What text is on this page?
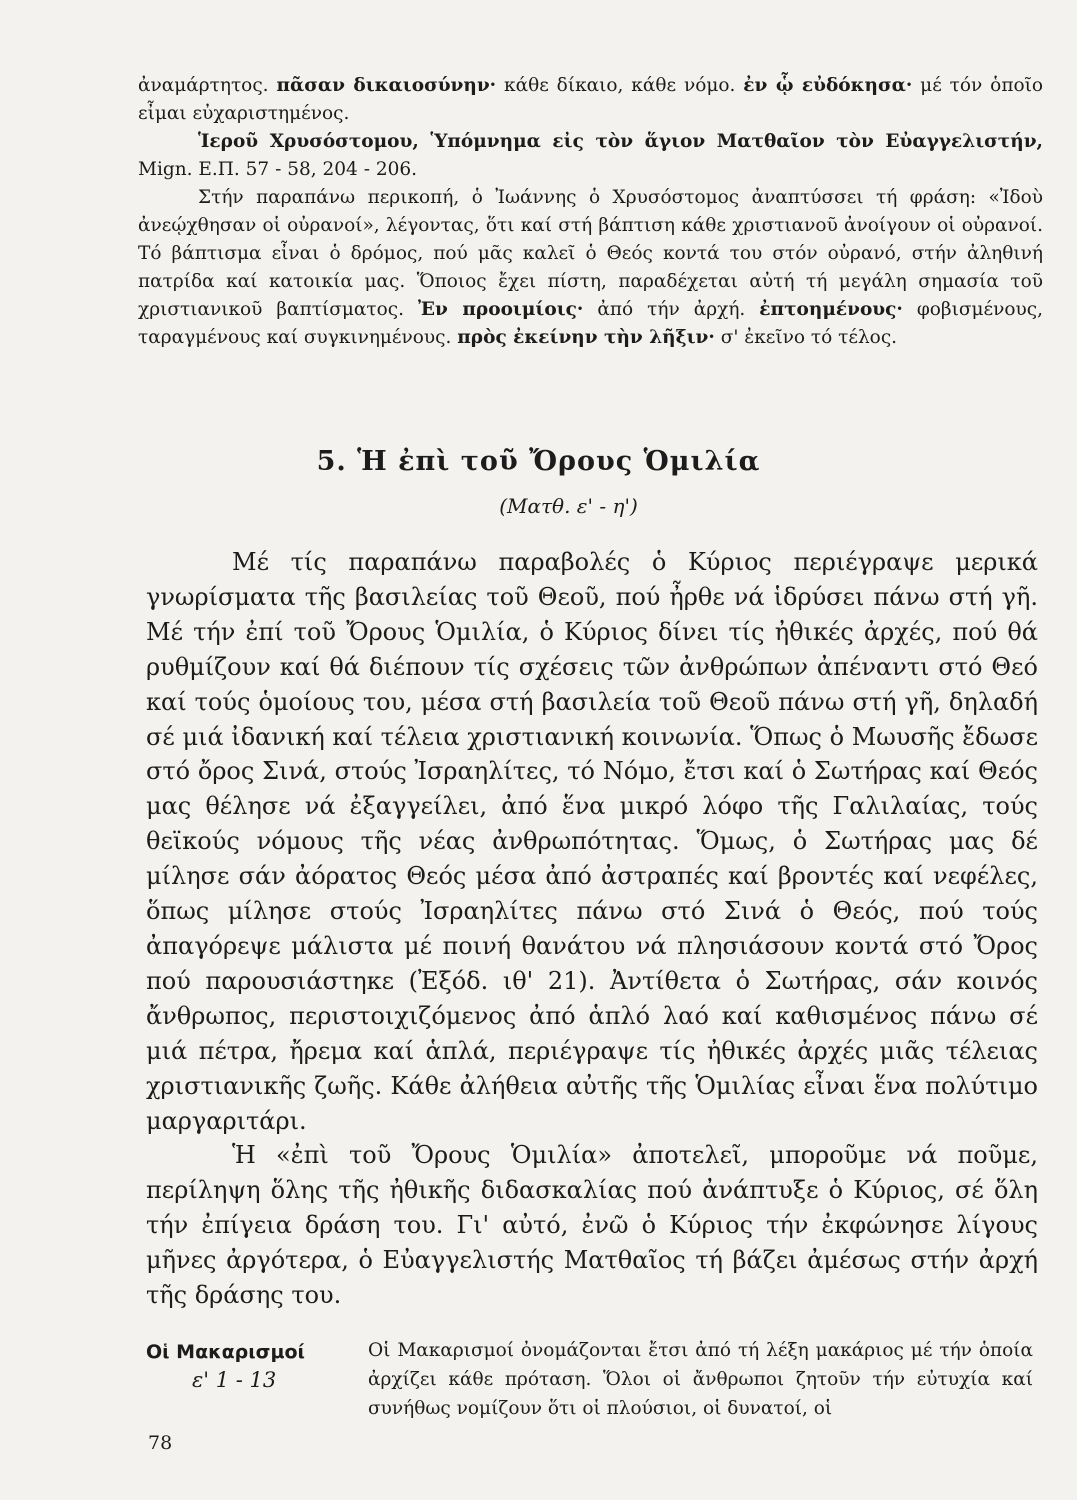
ἀναμάρτητος. πᾶσαν δικαιοσύνην· κάθε δίκαιο, κάθε νόμο. ἐν ᾧ εὐδόκησα· μέ τόν ὁποῖο εἶμαι εὐχαριστημένος.

Ἱεροῦ Χρυσόστομου, Ὑπόμνημα εἰς τὸν ἅγιον Ματθαῖον τὸν Εὐαγγελιστήν, Mign. Ε.Π. 57 - 58, 204 - 206.

Στήν παραπάνω περικοπή, ὁ Ἰωάννης ὁ Χρυσόστομος ἀναπτύσσει τή φράση: «Ἰδοὺ ἀνεῴχθησαν οἱ οὐρανοί», λέγοντας, ὅτι καί στή βάπτιση κάθε χριστιανοῦ ἀνοίγουν οἱ οὐρανοί. Τό βάπτισμα εἶναι ὁ δρόμος, πού μᾶς καλεῖ ὁ Θεός κοντά του στόν οὐρανό, στήν ἀληθινή πατρίδα καί κατοικία μας. Ὅποιος ἔχει πίστη, παραδέχεται αὐτή τή μεγάλη σημασία τοῦ χριστιανικοῦ βαπτίσματος. Ἐν προοιμίοις· ἀπό τήν ἀρχή. ἐπτοημένους· φοβισμένους, ταραγμένους καί συγκινημένους. πρὸς ἐκείνην τὴν λῆξιν· σ' ἐκεῖνο τό τέλος.

5. Ἡ ἐπὶ τοῦ Ὄρους Ὁμιλία
(Ματθ. ε' - η')

Μέ τίς παραπάνω παραβολές ὁ Κύριος περιέγραψε μερικά γνωρίσματα τῆς βασιλείας τοῦ Θεοῦ, πού ἦρθε νά ἱδρύσει πάνω στή γῆ. Μέ τήν ἐπί τοῦ Ὄρους Ὁμιλία, ὁ Κύριος δίνει τίς ἠθικές ἀρχές, πού θά ρυθμίζουν καί θά διέπουν τίς σχέσεις τῶν ἀνθρώπων ἀπέναντι στό Θεό καί τούς ὁμοίους του, μέσα στή βασιλεία τοῦ Θεοῦ πάνω στή γῆ, δηλαδή σέ μιά ἰδανική καί τέλεια χριστιανική κοινωνία. Ὅπως ὁ Μωυσῆς ἔδωσε στό ὄρος Σινά, στούς Ἰσραηλίτες, τό Νόμο, ἔτσι καί ὁ Σωτήρας καί Θεός μας θέλησε νά ἐξαγγείλει, ἀπό ἕνα μικρό λόφο τῆς Γαλιλαίας, τούς θεϊκούς νόμους τῆς νέας ἀνθρωπότητας. Ὅμως, ὁ Σωτήρας μας δέ μίλησε σάν ἀόρατος Θεός μέσα ἀπό ἀστραπές καί βροντές καί νεφέλες, ὅπως μίλησε στούς Ἰσραηλίτες πάνω στό Σινά ὁ Θεός, πού τούς ἀπαγόρεψε μάλιστα μέ ποινή θανάτου νά πλησιάσουν κοντά στό Ὄρος πού παρουσιάστηκε (Ἐξόδ. ιθ' 21). Ἀντίθετα ὁ Σωτήρας, σάν κοινός ἄνθρωπος, περιστοιχιζόμενος ἀπό ἁπλό λαό καί καθισμένος πάνω σέ μιά πέτρα, ἤρεμα καί ἁπλά, περιέγραψε τίς ἠθικές ἀρχές μιᾶς τέλειας χριστιανικῆς ζωῆς. Κάθε ἀλήθεια αὐτῆς τῆς Ὁμιλίας εἶναι ἕνα πολύτιμο μαργαριτάρι.

Ἡ «ἐπὶ τοῦ Ὄρους Ὁμιλία» ἀποτελεῖ, μποροῦμε νά ποῦμε, περίληψη ὅλης τῆς ἠθικῆς διδασκαλίας πού ἀνάπτυξε ὁ Κύριος, σέ ὅλη τήν ἐπίγεια δράση του. Γι' αὐτό, ἐνῶ ὁ Κύριος τήν ἐκφώνησε λίγους μῆνες ἀργότερα, ὁ Εὐαγγελιστής Ματθαῖος τή βάζει ἀμέσως στήν ἀρχή τῆς δράσης του.

Οἱ Μακαρισμοί
ε' 1 - 13
Οἱ Μακαρισμοί ὀνομάζονται ἔτσι ἀπό τή λέξη μακάριος μέ τήν ὁποία ἀρχίζει κάθε πρόταση. Ὅλοι οἱ ἄνθρωποι ζητοῦν τήν εὐτυχία καί συνήθως νομίζουν ὅτι οἱ πλούσιοι, οἱ δυνατοί, οἱ
78
